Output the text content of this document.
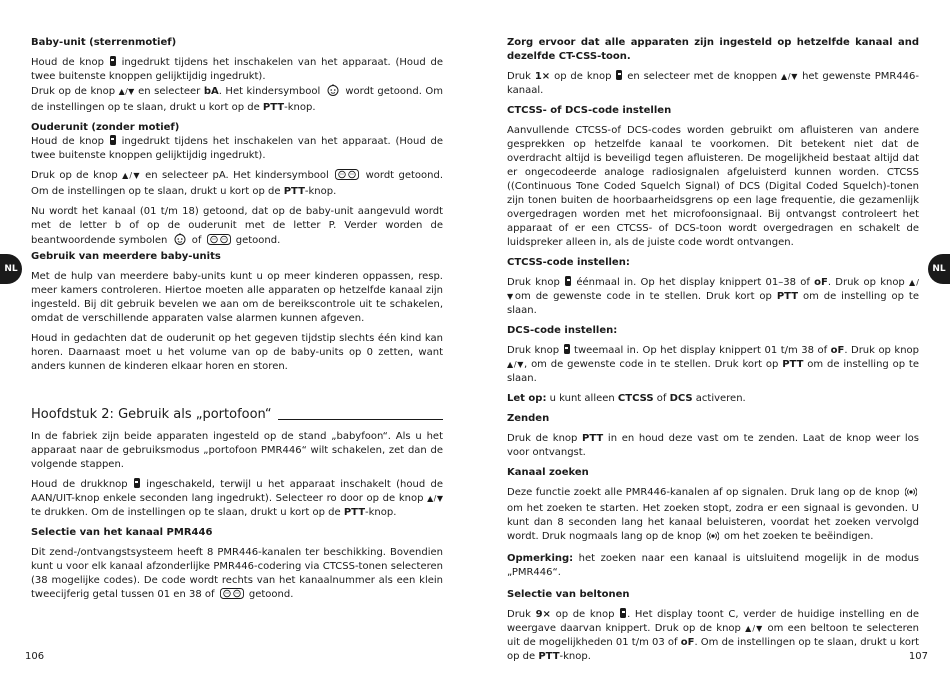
NL
Baby-unit (sterrenmotief)

Houd de knop  ingedrukt tijdens het inschakelen van het apparaat. (Houd de twee buitenste knoppen gelijktijdig ingedrukt).

Druk op de knop ▲/▼ en selecteer bA. Het kindersymbool  wordt getoond. Om de instellingen op te slaan, drukt u kort op de PTT-knop.

Ouderunit (zonder motief)

Houd de knop  ingedrukt tijdens het inschakelen van het apparaat. (Houd de twee buitenste knoppen gelijktijdig ingedrukt).

Druk op de knop ▲/▼ en selecteer pA. Het kindersymbool	wordt getoond. Om de instellingen op te slaan, drukt u kort op de PTT-knop.

Nu wordt het kanaal (01 t/m 18) getoond, dat op de baby-unit aangevuld wordt met de letter b of op de ouderunit met de letter P. Verder worden de beantwoordende symbolen  of	getoond.

Gebruik van meerdere baby-units

Met de hulp van meerdere baby-units kunt u op meer kinderen oppassen, resp. meer kamers controleren. Hiertoe moeten alle apparaten op hetzelfde kanaal zijn ingesteld. Bij dit gebruik bevelen we aan om de bereikscontrole uit te schakelen, omdat de verschillende apparaten valse alarmen kunnen afgeven.

Houd in gedachten dat de ouderunit op het gegeven tijdstip slechts één kind kan horen. Daarnaast moet u het volume van op de baby-units op 0 zetten, want anders kunnen de kinderen elkaar horen en storen.

Hoofdstuk 2: Gebruik als „portofoon“

In de fabriek zijn beide apparaten ingesteld op de stand „babyfoon“. Als u het apparaat naar de gebruiksmodus „portofoon PMR446“ wilt schakelen, zet dan de volgende stappen.

Houd de drukknop  ingeschakeld, terwijl u het apparaat inschakelt (houd de AAN/UIT-knop enkele seconden lang ingedrukt). Selecteer ro door op de knop ▲/▼ te drukken. Om de instellingen op te slaan, drukt u kort op de PTT-knop.

Selectie van het kanaal PMR446

Dit zend-/ontvangstsysteem heeft 8 PMR446-kanalen ter beschikking. Bovendien kunt u voor elk kanaal afzonderlijke PMR446-codering via CTCSS-tonen selecteren (38 mogelijke codes). De code wordt rechts van het kanaalnummer als een klein tweecijferig getal tussen 01 en 38 of	getoond.

106
NL
Zorg ervoor dat alle apparaten zijn ingesteld op hetzelfde kanaal and dezelfde CT-CSS-toon.

Druk 1× op de knop  en selecteer met de knoppen ▲/▼ het gewenste PMR446-kanaal.

CTCSS- of DCS-code instellen

Aanvullende CTCSS-of DCS-codes worden gebruikt om afluisteren van andere gesprekken op hetzelfde kanaal te voorkomen. Dit betekent niet dat de overdracht altijd is beveiligd tegen afluisteren. De mogelijkheid bestaat altijd dat er ongecodeerde analoge radiosignalen afgeluisterd kunnen worden. CTCSS ((Continuous Tone Coded Squelch Signal) of DCS (Digital Coded Squelch)-tonen zijn tonen buiten de hoorbaarheidsgrens op een lage frequentie, die gezamenlijk overgedragen worden met het microfoonsignaal. Bij ontvangst controleert het apparaat of er een CTCSS- of DCS-toon wordt overgedragen en schakelt de luidspreker alleen in, als de juiste code wordt ontvangen.

CTCSS-code instellen:

Druk knop  éénmaal in. Op het display knippert 01–38 of oF. Druk op knop ▲/▼om de gewenste code in te stellen. Druk kort op PTT om de instelling op te slaan.

DCS-code instellen:

Druk knop  tweemaal in. Op het display knippert 01 t/m 38 of oF. Druk op knop ▲/▼, om de gewenste code in te stellen. Druk kort op PTT om de instelling op te slaan.

Let op: u kunt alleen CTCSS of DCS activeren.

Zenden

Druk de knop PTT in en houd deze vast om te zenden. Laat de knop weer los voor ontvangst.

Kanaal zoeken

Deze functie zoekt alle PMR446-kanalen af op signalen. Druk lang op de knop  om het zoeken te starten. Het zoeken stopt, zodra er een signaal is gevonden. U kunt dan 8 seconden lang het kanaal beluisteren, voordat het zoeken vervolgd wordt. Druk nogmaals lang op de knop  om het zoeken te beëindigen.

Opmerking: het zoeken naar een kanaal is uitsluitend mogelijk in de modus „PMR446“.

Selectie van beltonen

Druk 9× op de knop . Het display toont C, verder de huidige instelling en de weergave daarvan knippert. Druk op de knop ▲/▼ om een beltoon te selecteren uit de mogelijkheden 01 t/m 03 of oF. Om de instellingen op te slaan, drukt u kort op de PTT-knop.	107
